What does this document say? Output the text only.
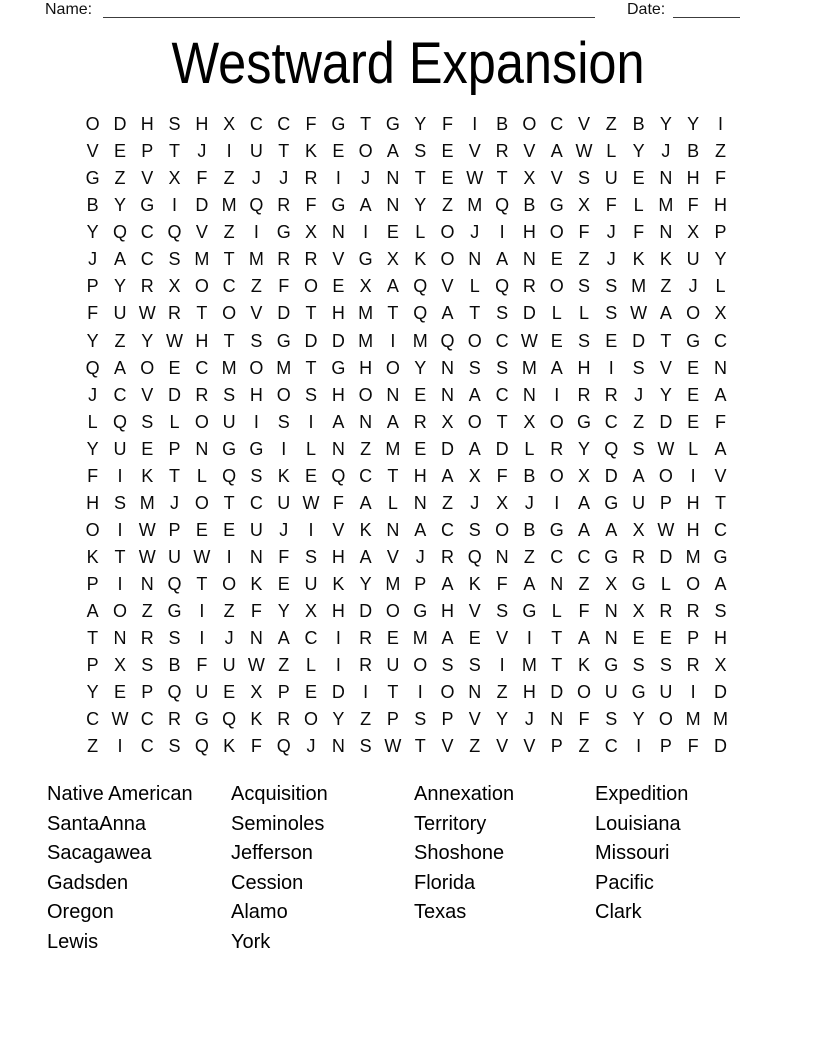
Name:	Date:
Westward Expansion
O D H S H X C C F G T G Y F	I	B O C V Z B Y Y	I
V E P T J	I	U T K E O A S E V R V A W L Y J B Z
G Z V X F Z J	J R	I	J N T E W T X V S U E N H F
B Y G I	D M Q R F G A N Y Z M Q B G X F L M F H
Y Q C Q V Z	I G X N	I	E L O J	I	H O F J F N X P
J A C S M T M R R V G X K O N A N E Z J K K U Y
P Y R X O C Z F O E X A Q V L Q R O S S M Z J L
F U W R T O V D T H M T Q A T S D L L S W A O X
Y Z Y W H T S G D D M I M Q O C W E S E D T G C
Q A O E C M O M T G H O Y N S S M A H	I	S V E N
J C V D R S H O S H O N E N A C N	I	R R J Y E A
L Q S L O U	I	S	I	A N A R X O T X O G C Z D E F
Y U E P N G G I	L N Z M E D A D L R Y Q S W L A
F	I	K T L Q S K E Q C T H A X F B O X D A O I	V
H S M J O T C U W F A L N Z J X J	I	A G U P H T
O I W P E E U J	I	V K N A C S O B G A A X W H C
K T W U W I	N F S H A V J R Q N Z C C G R D M G
P	I	N Q T O K E U K Y M P A K F A N Z X G L O A
A O Z G I	Z F Y X H D O G H V S G L F N X R R S
T N R S	I	J N A C	I	R E M A E V	I	T A N E E P H
P X S B F U W Z L	I	R U O S S	I M T K G S S R X
Y E P Q U E X P E D	I	T	I O N Z H D O U G U	I	D
C W C R G Q K R O Y Z P S P V Y J N F S Y O M M
Z	I	C S Q K F Q J N S W T V Z V V P Z C	I	P F D
Native American
SantaAnna
Sacagawea
Gadsden
Oregon
Lewis
Acquisition
Seminoles
Jefferson
Cession
Alamo
York
Annexation
Territory
Shoshone
Florida
Texas
Expedition
Louisiana
Missouri
Pacific
Clark
